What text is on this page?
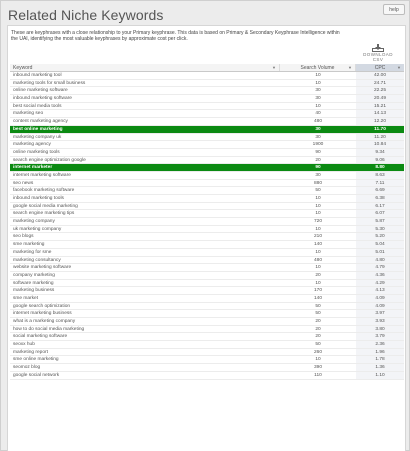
Related Niche Keywords	help
These are keyphrases with a close relationship to your Primary keyphrase. This data is based on Primary & Secondary Keyphrase Intelligence within the UAI, identifying the most valuable keyphrases by approximate cost per click.
DOWNLOAD CSV
Keyword	▼	Search Volume	▼	CPC	▼
inbound marketing tool	10	42.00
marketing tools for small business	10	24.71
online marketing software	30	22.25
inbound marketing software	30	20.49
best social media tools	10	15.21
marketing seo	40	14.13
content marketing agency	480	12.20
best online marketing	30	11.70
marketing company uk	30	11.20
marketing agency	1900	10.84
online marketing tools	90	9.34
search engine optimization google	20	9.06
internet marketer	90	8.80
internet marketing software	30	8.63
seo news	880	7.11
facebook marketing software	50	6.69
inbound marketing tools	10	6.38
google social media marketing	10	6.17
search engine marketing tips	10	6.07
marketing company	720	5.87
uk marketing company	10	5.30
seo blogs	210	5.20
sme marketing	140	5.04
marketing for sme	10	5.01
marketing consultancy	480	4.80
website marketing software	10	4.79
company marketing	20	4.36
software marketing	10	4.29
marketing business	170	4.13
sme market	140	4.09
google search optimization	50	4.09
internet marketing business	50	3.97
what is a marketing company	20	3.93
how to do social media marketing	20	3.80
social marketing software	20	3.79
seoxx hub	50	2.36
marketing report	260	1.96
sme online marketing	10	1.78
seomoz blog	390	1.36
google social network	110	1.10
